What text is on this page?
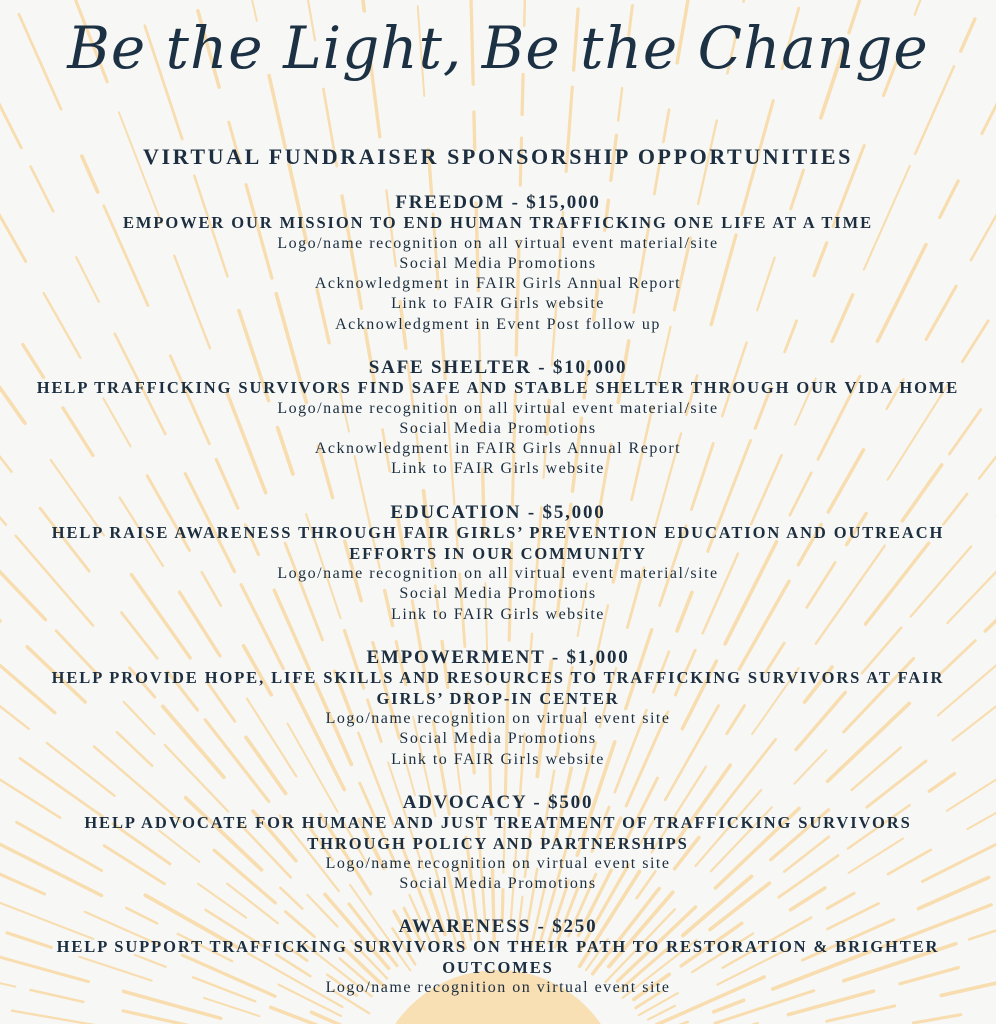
Be the Light, Be the Change
VIRTUAL FUNDRAISER SPONSORSHIP OPPORTUNITIES
FREEDOM - $15,000
EMPOWER OUR MISSION TO END HUMAN TRAFFICKING ONE LIFE AT A TIME
Logo/name recognition on all virtual event material/site
Social Media Promotions
Acknowledgment in FAIR Girls Annual Report
Link to FAIR Girls website
Acknowledgment in Event Post follow up
SAFE SHELTER - $10,000
HELP TRAFFICKING SURVIVORS FIND SAFE AND STABLE SHELTER THROUGH OUR VIDA HOME
Logo/name recognition on all virtual event material/site
Social Media Promotions
Acknowledgment in FAIR Girls Annual Report
Link to FAIR Girls website
EDUCATION - $5,000
HELP RAISE AWARENESS THROUGH FAIR GIRLS’ PREVENTION EDUCATION AND OUTREACH EFFORTS IN OUR COMMUNITY
Logo/name recognition on all virtual event material/site
Social Media Promotions
Link to FAIR Girls website
EMPOWERMENT - $1,000
HELP PROVIDE HOPE, LIFE SKILLS AND RESOURCES TO TRAFFICKING SURVIVORS AT FAIR GIRLS’ DROP-IN CENTER
Logo/name recognition on virtual event site
Social Media Promotions
Link to FAIR Girls website
ADVOCACY - $500
HELP ADVOCATE FOR HUMANE AND JUST TREATMENT OF TRAFFICKING SURVIVORS THROUGH POLICY AND PARTNERSHIPS
Logo/name recognition on virtual event site
Social Media Promotions
AWARENESS - $250
HELP SUPPORT TRAFFICKING SURVIVORS ON THEIR PATH TO RESTORATION & BRIGHTER OUTCOMES
Logo/name recognition on virtual event site
